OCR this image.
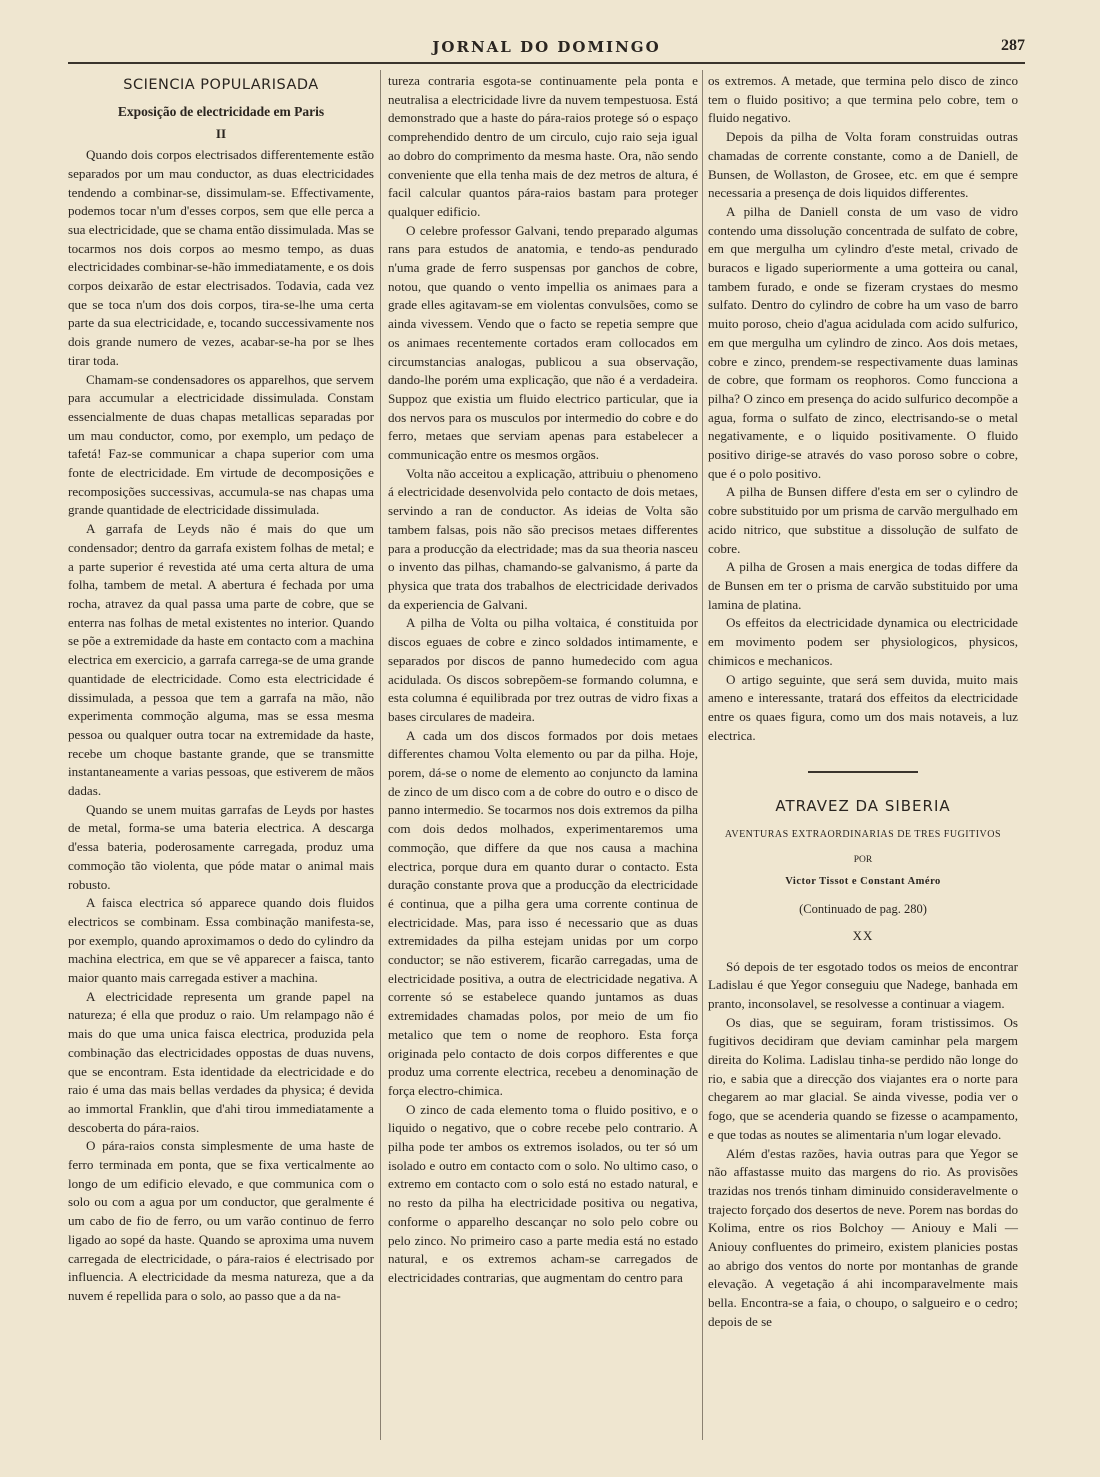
JORNAL DO DOMINGO	287
SCIENCIA POPULARISADA
Exposição de electricidade em Paris
II

Quando dois corpos electrisados differentemente estão separados por um mau conductor, as duas electricidades tendendo a combinar-se, dissimulam-se. Effectivamente, podemos tocar n'um d'esses corpos, sem que elle perca a sua electricidade, que se chama então dissimulada. Mas se tocarmos nos dois corpos ao mesmo tempo, as duas electricidades combinar-se-hão immediatamente, e os dois corpos deixarão de estar electrisados. Todavia, cada vez que se toca n'um dos dois corpos, tira-se-lhe uma certa parte da sua electricidade, e, tocando successivamente nos dois grande numero de vezes, acabar-se-ha por se lhes tirar toda.

Chamam-se condensadores os apparelhos, que servem para accumular a electricidade dissimulada. Constam essencialmente de duas chapas metallicas separadas por um mau conductor, como, por exemplo, um pedaço de tafetá! Faz-se communicar a chapa superior com uma fonte de electricidade. Em virtude de decomposições e recomposições successivas, accumula-se nas chapas uma grande quantidade de electricidade dissimulada.

A garrafa de Leyds não é mais do que um condensador; dentro da garrafa existem folhas de metal; e a parte superior é revestida até uma certa altura de uma folha, tambem de metal. A abertura é fechada por uma rocha, atravez da qual passa uma parte de cobre, que se enterra nas folhas de metal existentes no interior. Quando se põe a extremidade da haste em contacto com a machina electrica em exercicio, a garrafa carrega-se de uma grande quantidade de electricidade. Como esta electricidade é dissimulada, a pessoa que tem a garrafa na mão, não experimenta commoção alguma, mas se essa mesma pessoa ou qualquer outra tocar na extremidade da haste, recebe um choque bastante grande, que se transmitte instantaneamente a varias pessoas, que estiverem de mãos dadas.

Quando se unem muitas garrafas de Leyds por hastes de metal, forma-se uma bateria electrica. A descarga d'essa bateria, poderosamente carregada, produz uma commoção tão violenta, que póde matar o animal mais robusto.

A faisca electrica só apparece quando dois fluidos electricos se combinam. Essa combinação manifesta-se, por exemplo, quando aproximamos o dedo do cylindro da machina electrica, em que se vê apparecer a faisca, tanto maior quanto mais carregada estiver a machina.

A electricidade representa um grande papel na natureza; é ella que produz o raio. Um relampago não é mais do que uma unica faisca electrica, produzida pela combinação das electricidades oppostas de duas nuvens, que se encontram. Esta identidade da electricidade e do raio é uma das mais bellas verdades da physica; é devida ao immortal Franklin, que d'ahi tirou immediatamente a descoberta do pára-raios.

O pára-raios consta simplesmente de uma haste de ferro terminada em ponta, que se fixa verticalmente ao longo de um edificio elevado, e que communica com o solo ou com a agua por um conductor, que geralmente é um cabo de fio de ferro, ou um varão continuo de ferro ligado ao sopé da haste. Quando se aproxima uma nuvem carregada de electricidade, o pára-raios é electrisado por influencia. A electricidade da mesma natureza, que a da nuvem é repellida para o solo, ao passo que a da na-

tureza contraria esgota-se continuamente pela ponta e neutralisa a electricidade livre da nuvem tempestuosa. Está demonstrado que a haste do pára-raios protege só o espaço comprehendido dentro de um circulo, cujo raio seja igual ao dobro do comprimento da mesma haste. Ora, não sendo conveniente que ella tenha mais de dez metros de altura, é facil calcular quantos pára-raios bastam para proteger qualquer edificio.

O celebre professor Galvani, tendo preparado algumas rans para estudos de anatomia, e tendo-as pendurado n'uma grade de ferro suspensas por ganchos de cobre, notou, que quando o vento impellia os animaes para a grade elles agitavam-se em violentas convulsões, como se ainda vivessem. Vendo que o facto se repetia sempre que os animaes recentemente cortados eram collocados em circumstancias analogas, publicou a sua observação, dando-lhe porém uma explicação, que não é a verdadeira. Suppoz que existia um fluido electrico particular, que ia dos nervos para os musculos por intermedio do cobre e do ferro, metaes que serviam apenas para estabelecer a communicação entre os mesmos orgãos.

Volta não acceitou a explicação, attribuiu o phenomeno á electricidade desenvolvida pelo contacto de dois metaes, servindo a ran de conductor. As ideias de Volta são tambem falsas, pois não são precisos metaes differentes para a producção da electridade; mas da sua theoria nasceu o invento das pilhas, chamando-se galvanismo, á parte da physica que trata dos trabalhos de electricidade derivados da experiencia de Galvani.

A pilha de Volta ou pilha voltaica, é constituida por discos eguaes de cobre e zinco soldados intimamente, e separados por discos de panno humedecido com agua acidulada. Os discos sobrepõem-se formando columna, e esta columna é equilibrada por trez outras de vidro fixas a bases circulares de madeira.

A cada um dos discos formados por dois metaes differentes chamou Volta elemento ou par da pilha. Hoje, porem, dá-se o nome de elemento ao conjuncto da lamina de zinco de um disco com a de cobre do outro e o disco de panno intermedio. Se tocarmos nos dois extremos da pilha com dois dedos molhados, experimentaremos uma commoção, que differe da que nos causa a machina electrica, porque dura em quanto durar o contacto. Esta duração constante prova que a producção da electricidade é continua, que a pilha gera uma corrente continua de electricidade. Mas, para isso é necessario que as duas extremidades da pilha estejam unidas por um corpo conductor; se não estiverem, ficarão carregadas, uma de electricidade positiva, a outra de electricidade negativa. A corrente só se estabelece quando juntamos as duas extremidades chamadas polos, por meio de um fio metalico que tem o nome de reophoro. Esta força originada pelo contacto de dois corpos differentes e que produz uma corrente electrica, recebeu a denominação de força electro-chimica.

O zinco de cada elemento toma o fluido positivo, e o liquido o negativo, que o cobre recebe pelo contrario. A pilha pode ter ambos os extremos isolados, ou ter só um isolado e outro em contacto com o solo. No ultimo caso, o extremo em contacto com o solo está no estado natural, e no resto da pilha ha electricidade positiva ou negativa, conforme o apparelho descançar no solo pelo cobre ou pelo zinco. No primeiro caso a parte media está no estado natural, e os extremos acham-se carregados de electricidades contrarias, que augmentam do centro para

os extremos. A metade, que termina pelo disco de zinco tem o fluido positivo; a que termina pelo cobre, tem o fluido negativo.

Depois da pilha de Volta foram construidas outras chamadas de corrente constante, como a de Daniell, de Bunsen, de Wollaston, de Grosee, etc. em que é sempre necessaria a presença de dois liquidos differentes.

A pilha de Daniell consta de um vaso de vidro contendo uma dissolução concentrada de sulfato de cobre, em que mergulha um cylindro d'este metal, crivado de buracos e ligado superiormente a uma gotteira ou canal, tambem furado, e onde se fizeram crystaes do mesmo sulfato. Dentro do cylindro de cobre ha um vaso de barro muito poroso, cheio d'agua acidulada com acido sulfurico, em que mergulha um cylindro de zinco. Aos dois metaes, cobre e zinco, prendem-se respectivamente duas laminas de cobre, que formam os reophoros. Como funcciona a pilha? O zinco em presença do acido sulfurico decompõe a agua, forma o sulfato de zinco, electrisando-se o metal negativamente, e o liquido positivamente. O fluido positivo dirige-se através do vaso poroso sobre o cobre, que é o polo positivo.

A pilha de Bunsen differe d'esta em ser o cylindro de cobre substituido por um prisma de carvão mergulhado em acido nitrico, que substitue a dissolução de sulfato de cobre.

A pilha de Grosen a mais energica de todas differe da de Bunsen em ter o prisma de carvão substituido por uma lamina de platina.

Os effeitos da electricidade dynamica ou electricidade em movimento podem ser physiologicos, physicos, chimicos e mechanicos.

O artigo seguinte, que será sem duvida, muito mais ameno e interessante, tratará dos effeitos da electricidade entre os quaes figura, como um dos mais notaveis, a luz electrica.

ATRAVEZ DA SIBERIA
AVENTURAS EXTRAORDINARIAS DE TRES FUGITIVOS
POR
Victor Tissot e Constant Améro
(Continuado de pag. 280)
XX

Só depois de ter esgotado todos os meios de encontrar Ladislau é que Yegor conseguiu que Nadege, banhada em pranto, inconsolavel, se resolvesse a continuar a viagem.

Os dias, que se seguiram, foram tristissimos. Os fugitivos decidiram que deviam caminhar pela margem direita do Kolima. Ladislau tinha-se perdido não longe do rio, e sabia que a direcção dos viajantes era o norte para chegarem ao mar glacial. Se ainda vivesse, podia ver o fogo, que se acenderia quando se fizesse o acampamento, e que todas as noutes se alimentaria n'um logar elevado.

Além d'estas razões, havia outras para que Yegor se não affastasse muito das margens do rio. As provisões trazidas nos trenós tinham diminuido consideravelmente o trajecto forçado dos desertos de neve. Porem nas bordas do Kolima, entre os rios Bolchoy — Aniouy e Mali — Aniouy confluentes do primeiro, existem planicies postas ao abrigo dos ventos do norte por montanhas de grande elevação. A vegetação á ahi incomparavelmente mais bella. Encontra-se a faia, o choupo, o salgueiro e o cedro; depois de se
